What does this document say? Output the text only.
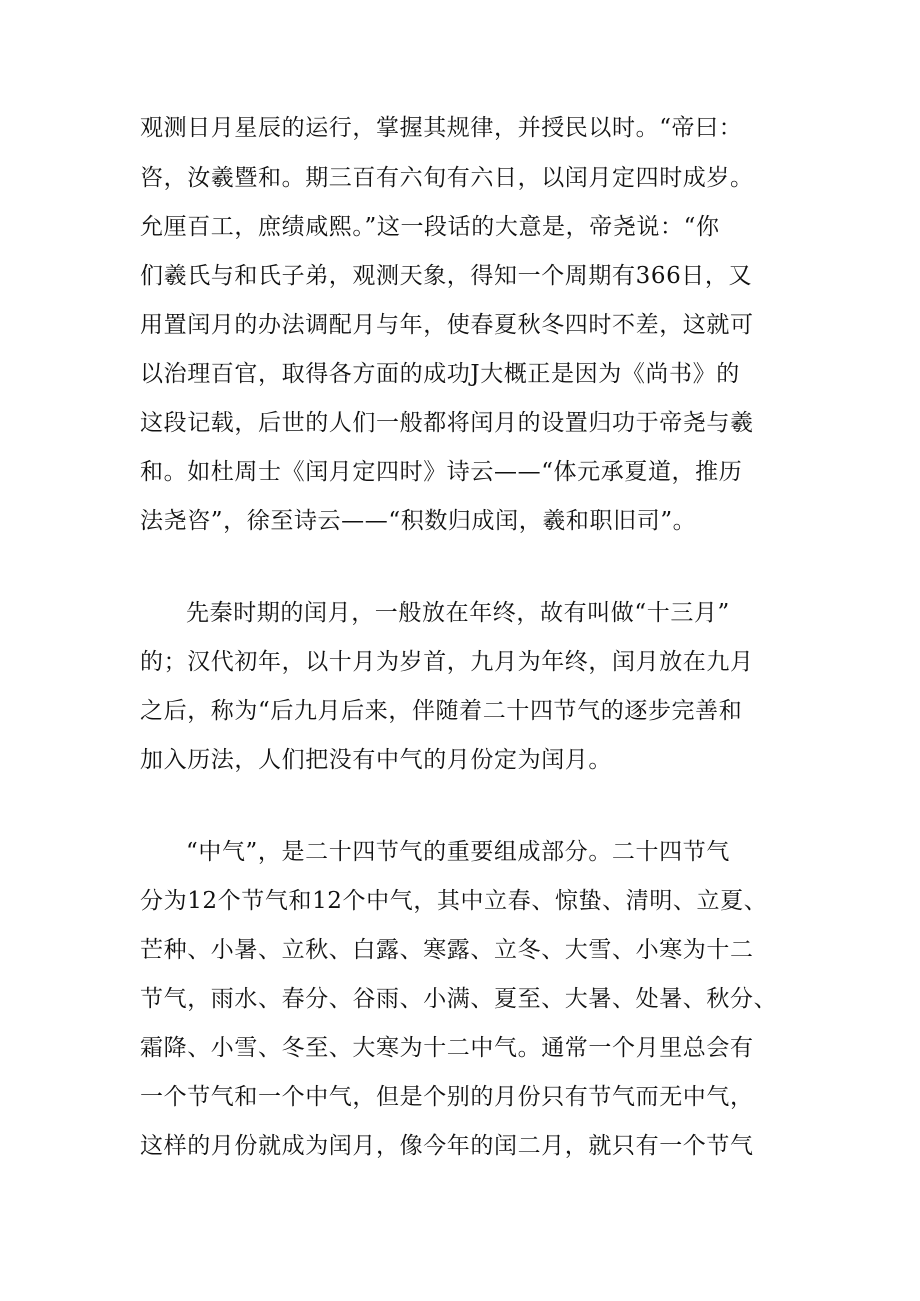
观测日月星辰的运行，掌握其规律，并授民以时。“帝曰：
咨，汝羲暨和。期三百有六旬有六日，以闰月定四时成岁。
允厘百工，庶绩咸熙。”这一段话的大意是，帝尧说：“你
们羲氏与和氏子弟，观测天象，得知一个周期有366日，又
用置闰月的办法调配月与年，使春夏秋冬四时不差，这就可
以治理百官，取得各方面的成功J大概正是因为《尚书》的
这段记载，后世的人们一般都将闰月的设置归功于帝尧与羲
和。如杜周士《闰月定四时》诗云——“体元承夏道，推历
法尧咨”，徐至诗云——“积数归成闰，羲和职旧司”。
先秦时期的闰月，一般放在年终，故有叫做“十三月”
的；汉代初年，以十月为岁首，九月为年终，闰月放在九月
之后，称为“后九月后来，伴随着二十四节气的逐步完善和
加入历法，人们把没有中气的月份定为闰月。
“中气”，是二十四节气的重要组成部分。二十四节气
分为12个节气和12个中气，其中立春、惊蛰、清明、立夏、
芒种、小暑、立秋、白露、寒露、立冬、大雪、小寒为十二
节气，雨水、春分、谷雨、小满、夏至、大暑、处暑、秋分、
霜降、小雪、冬至、大寒为十二中气。通常一个月里总会有
一个节气和一个中气，但是个别的月份只有节气而无中气，
这样的月份就成为闰月，像今年的闰二月，就只有一个节气
